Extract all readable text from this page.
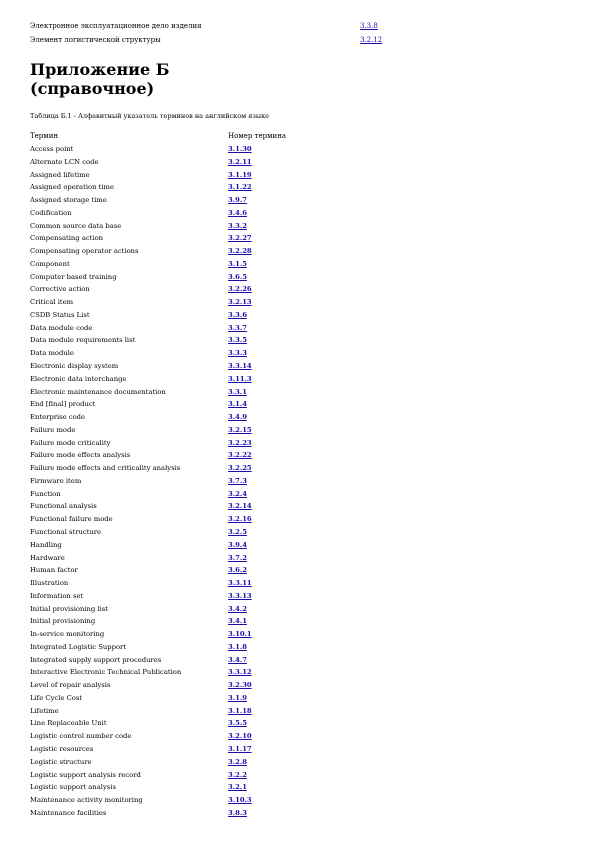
Электронное эксплуатационное дело изделия	3.3.8
Элемент логистической структуры	3.2.12
Приложение Б
(справочное)

Таблица Б.1 - Алфавитный указатель терминов на английском языке

Термин	Номер термина
Access point	3.1.30
Alternate LCN code	3.2.11
Assigned lifetime	3.1.19
Assigned operation time	3.1.22
Assigned storage time	3.9.7
Codification	3.4.6
Common source data base	3.3.2
Compensating action	3.2.27
Compensating operator actions	3.2.28
Component	3.1.5
Computer based training	3.6.5
Corrective action	3.2.26
Critical item	3.2.13
CSDB Status List	3.3.6
Data module code	3.3.7
Data module requirements list	3.3.5
Data module	3.3.3
Electronic display system	3.3.14
Electronic data interchange	3.11.3
Electronic maintenance documentation	3.3.1
End [final] product	3.1.4
Enterprise code	3.4.9
Failure mode	3.2.15
Failure mode criticality	3.2.23
Failure mode effects analysis	3.2.22
Failure mode effects and criticality analysis	3.2.25
Firmware item	3.7.3
Function	3.2.4
Functional analysis	3.2.14
Functional failure mode	3.2.16
Functional structure	3.2.5
Handling	3.9.4
Hardware	3.7.2
Human factor	3.6.2
Illustration	3.3.11
Information set	3.3.13
Initial provisioning list	3.4.2
Initial provisioning	3.4.1
In-service monitoring	3.10.1
Integrated Logistic Support	3.1.8
Integrated supply support procedures	3.4.7
Interactive Electronic Technical Publication	3.3.12
Level of repair analysis	3.2.30
Life Cycle Cost	3.1.9
Lifetime	3.1.18
Line Replaceable Unit	3.5.5
Logistic control number code	3.2.10
Logistic resources	3.1.17
Logistic structure	3.2.8
Logistic support analysis record	3.2.2
Logistic support analysis	3.2.1
Maintenance activity monitoring	3.10.3
Maintenance facilities	3.8.3
